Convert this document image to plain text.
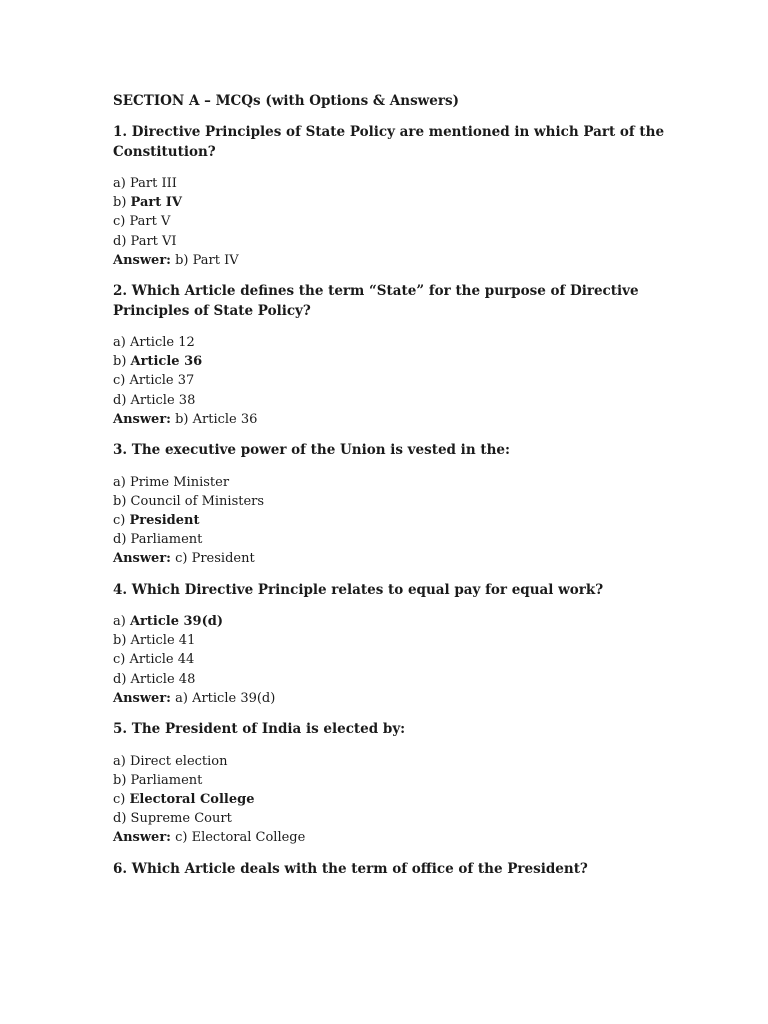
SECTION A – MCQs (with Options & Answers)
1. Directive Principles of State Policy are mentioned in which Part of the Constitution?
a) Part III
b) Part IV
c) Part V
d) Part VI
Answer: b) Part IV
2. Which Article defines the term “State” for the purpose of Directive Principles of State Policy?
a) Article 12
b) Article 36
c) Article 37
d) Article 38
Answer: b) Article 36
3. The executive power of the Union is vested in the:
a) Prime Minister
b) Council of Ministers
c) President
d) Parliament
Answer: c) President
4. Which Directive Principle relates to equal pay for equal work?
a) Article 39(d)
b) Article 41
c) Article 44
d) Article 48
Answer: a) Article 39(d)
5. The President of India is elected by:
a) Direct election
b) Parliament
c) Electoral College
d) Supreme Court
Answer: c) Electoral College
6. Which Article deals with the term of office of the President?
